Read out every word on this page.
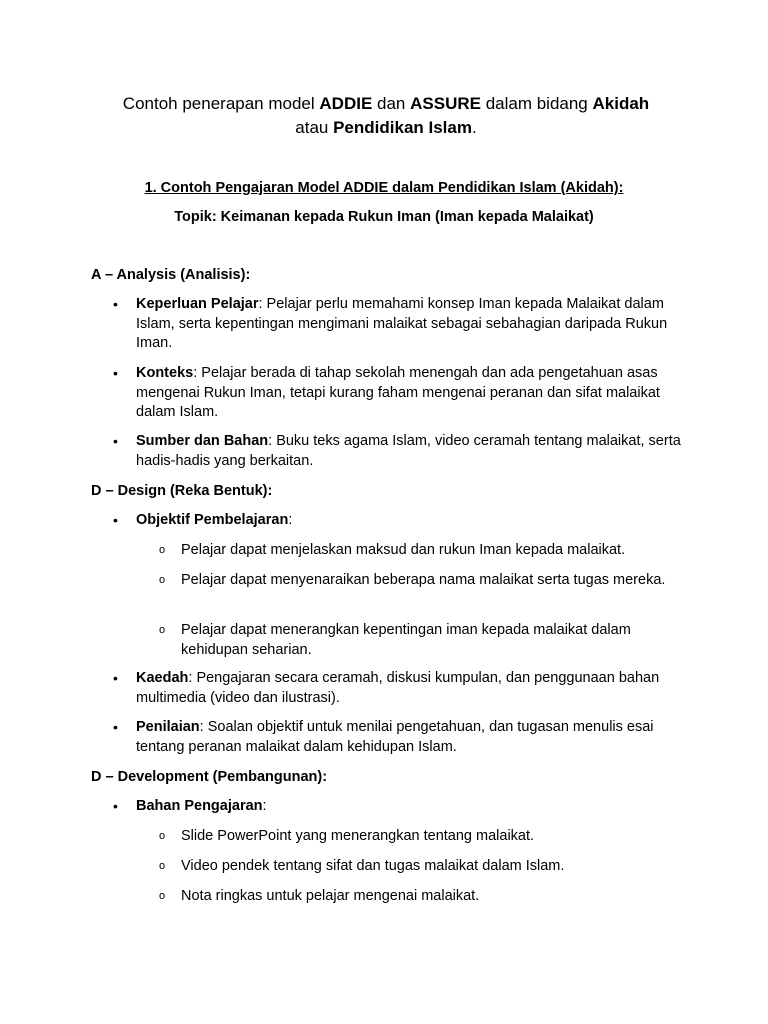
Contoh penerapan model ADDIE dan ASSURE dalam bidang Akidah
atau Pendidikan Islam.
1. Contoh Pengajaran Model ADDIE dalam Pendidikan Islam (Akidah):
Topik: Keimanan kepada Rukun Iman (Iman kepada Malaikat)
A – Analysis (Analisis):
• Keperluan Pelajar: Pelajar perlu memahami konsep Iman kepada Malaikat dalam Islam, serta kepentingan mengimani malaikat sebagai sebahagian daripada Rukun Iman.
• Konteks: Pelajar berada di tahap sekolah menengah dan ada pengetahuan asas mengenai Rukun Iman, tetapi kurang faham mengenai peranan dan sifat malaikat dalam Islam.
• Sumber dan Bahan: Buku teks agama Islam, video ceramah tentang malaikat, serta hadis-hadis yang berkaitan.
D – Design (Reka Bentuk):
• Objektif Pembelajaran:
o Pelajar dapat menjelaskan maksud dan rukun Iman kepada malaikat.
o Pelajar dapat menyenaraikan beberapa nama malaikat serta tugas mereka.
o Pelajar dapat menerangkan kepentingan iman kepada malaikat dalam kehidupan seharian.
• Kaedah: Pengajaran secara ceramah, diskusi kumpulan, dan penggunaan bahan multimedia (video dan ilustrasi).
• Penilaian: Soalan objektif untuk menilai pengetahuan, dan tugasan menulis esai tentang peranan malaikat dalam kehidupan Islam.
D – Development (Pembangunan):
• Bahan Pengajaran:
o Slide PowerPoint yang menerangkan tentang malaikat.
o Video pendek tentang sifat dan tugas malaikat dalam Islam.
o Nota ringkas untuk pelajar mengenai malaikat.
